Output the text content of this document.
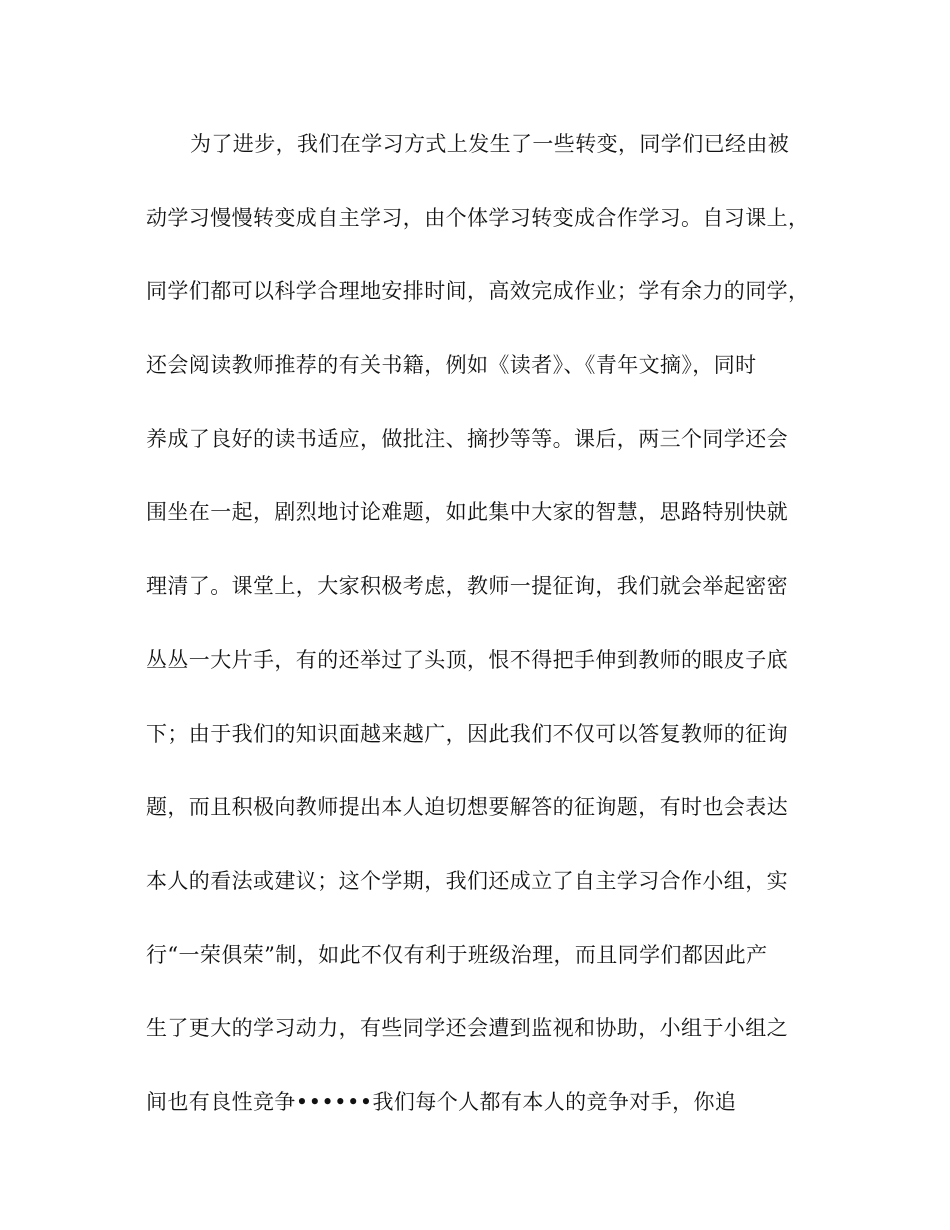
为了进步，我们在学习方式上发生了一些转变，同学们已经由被
动学习慢慢转变成自主学习，由个体学习转变成合作学习。自习课上，
同学们都可以科学合理地安排时间，高效完成作业；学有余力的同学，
还会阅读教师推荐的有关书籍，例如《读者》、《青年文摘》，同时
养成了良好的读书适应，做批注、摘抄等等。课后，两三个同学还会
围坐在一起，剧烈地讨论难题，如此集中大家的智慧，思路特别快就
理清了。课堂上，大家积极考虑，教师一提征询，我们就会举起密密
丛丛一大片手，有的还举过了头顶，恨不得把手伸到教师的眼皮子底
下；由于我们的知识面越来越广，因此我们不仅可以答复教师的征询
题，而且积极向教师提出本人迫切想要解答的征询题，有时也会表达
本人的看法或建议；这个学期，我们还成立了自主学习合作小组，实
行“一荣俱荣”制，如此不仅有利于班级治理，而且同学们都因此产
生了更大的学习动力，有些同学还会遭到监视和协助，小组于小组之
间也有良性竞争••••••我们每个人都有本人的竞争对手，你追
